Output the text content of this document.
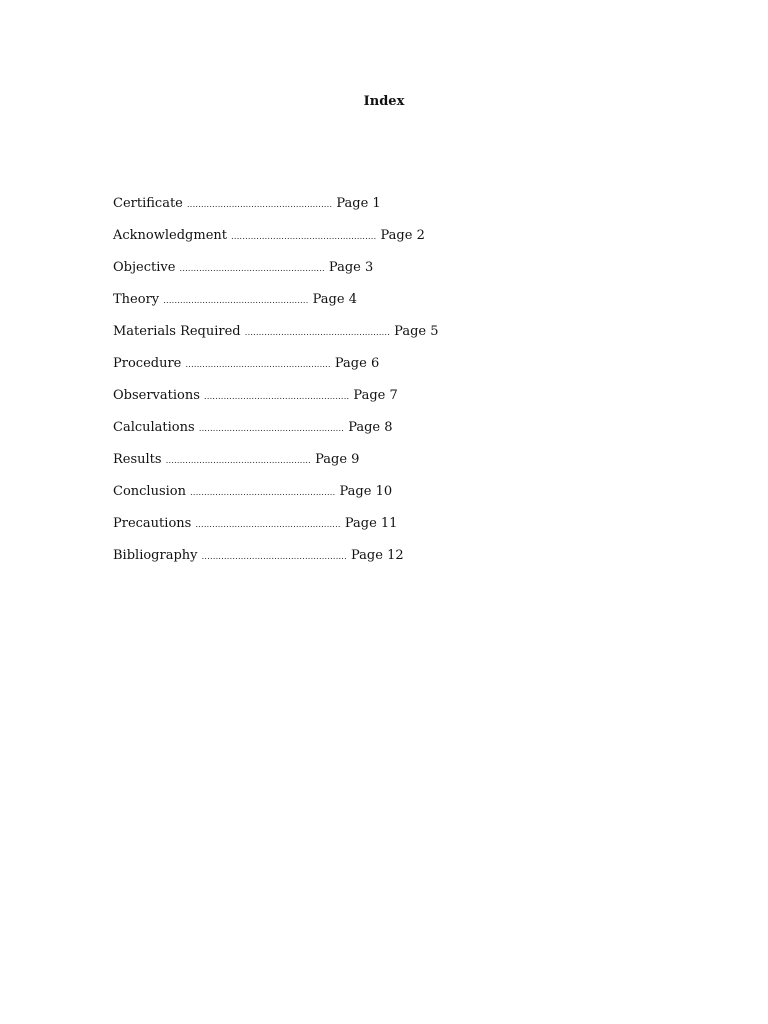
Index
Certificate .................................................... Page 1
Acknowledgment .................................................... Page 2
Objective .................................................... Page 3
Theory .................................................... Page 4
Materials Required .................................................... Page 5
Procedure .................................................... Page 6
Observations .................................................... Page 7
Calculations .................................................... Page 8
Results .................................................... Page 9
Conclusion .................................................... Page 10
Precautions .................................................... Page 11
Bibliography .................................................... Page 12
